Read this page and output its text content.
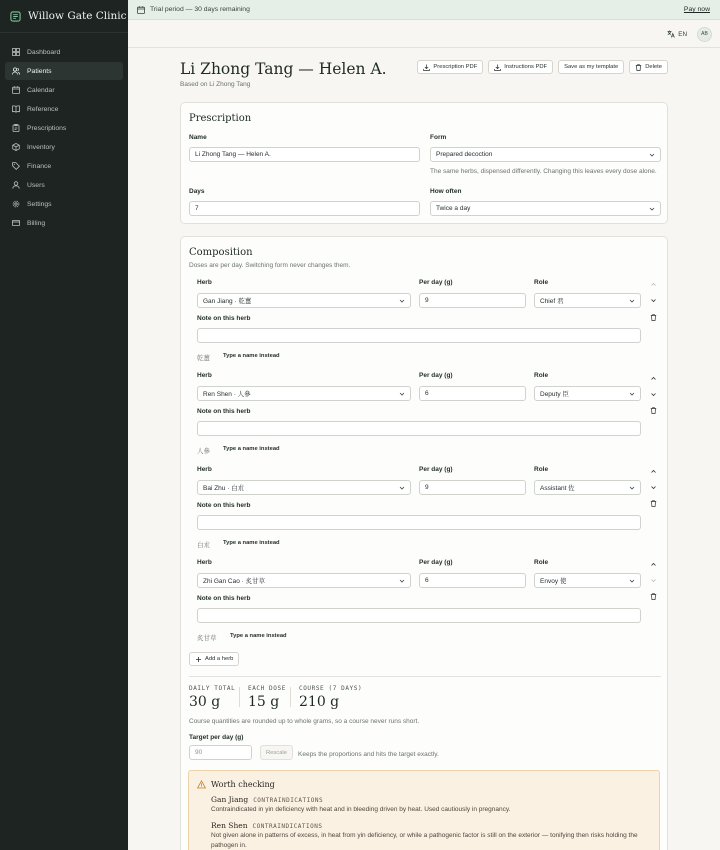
Willow Gate Clinic
Dashboard
Patients
Calendar
Reference
Prescriptions
Inventory
Finance
Users
Settings
Billing
Trial period — 30 days remaining	Pay now
EN	AB
Li Zhong Tang — Helen A.
Based on Li Zhong Tang
Prescription PDF	Instructions PDF	Save as my template	Delete
Prescription
Name
Li Zhong Tang — Helen A.
Form
Prepared decoction
The same herbs, dispensed differently. Changing this leaves every dose alone.
Days
7
How often
Twice a day
Composition
Doses are per day. Switching form never changes them.
Herb	Per day (g)	Role
Gan Jiang · 乾薑	9	Chief 君
Note on this herb
乾薑 Type a name instead
Herb	Per day (g)	Role
Ren Shen · 人參	6	Deputy 臣
Note on this herb
人參 Type a name instead
Herb	Per day (g)	Role
Bai Zhu · 白朮	9	Assistant 佐
Note on this herb
白朮 Type a name instead
Herb	Per day (g)	Role
Zhi Gan Cao · 炙甘草	6	Envoy 使
Note on this herb
炙甘草 Type a name instead
Add a herb
DAILY TOTAL
30 g
EACH DOSE
15 g
COURSE (7 DAYS)
210 g
Course quantities are rounded up to whole grams, so a course never runs short.
Target per day (g)
90	Rescale Keeps the proportions and hits the target exactly.
Worth checking
Gan Jiang CONTRAINDICATIONS
Contraindicated in yin deficiency with heat and in bleeding driven by heat. Used cautiously in pregnancy.
Ren Shen CONTRAINDICATIONS
Not given alone in patterns of excess, in heat from yin deficiency, or while a pathogenic factor is still on the exterior — tonifying then risks holding the pathogen in.
